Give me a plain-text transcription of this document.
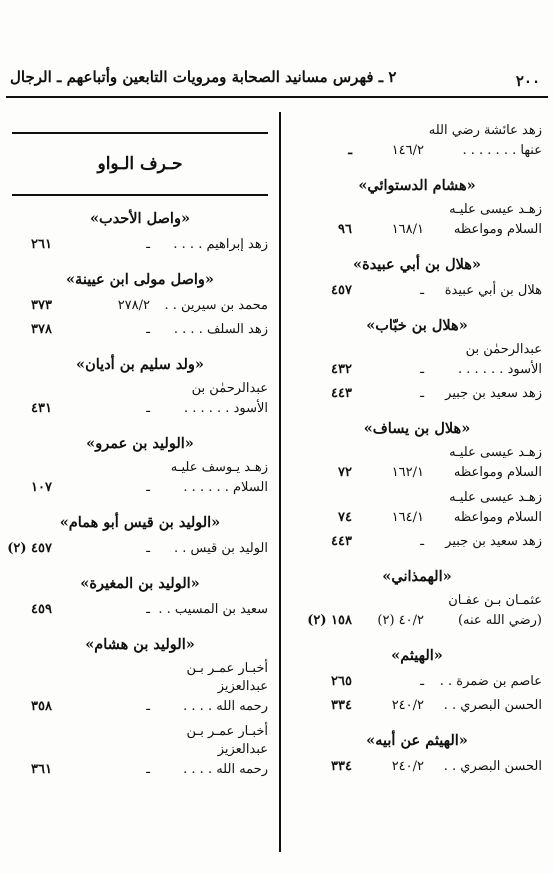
٢٠٠
٢ ـ فهرس مسانيد الصحابة ومرويات التابعين وأتباعهم ـ الرجال
زهد عائشة رضي الله
عنها . . . . . . .
١٤٦/٢
ـ
«هشام الدستوائي»
زهـد عيسى عليـه
السلام ومواعظه
١٦٨/١
٩٦
«هلال بن أبي عبيدة»
هلال بن أبي عبيدة
ـ
٤٥٧
«هلال بن خبّاب»
عبدالرحمٰن بن
الأسود . . . . . .
ـ
٤٣٢
زهد سعيد بن جبير
ـ
٤٤٣
«هلال بن يساف»
زهـد عيسى عليـه
السلام ومواعظه
١٦٢/١
٧٢
زهـد عيسى عليـه
السلام ومواعظه
١٦٤/١
٧٤
زهد سعيد بن جبير
ـ
٤٤٣
«الهمذاني»
عثمـان بـن عفـان
(رضي الله عنه)
٤٠/٢ (٢)
١٥٨ (٢)
«الهيثم»
عاصم بن ضمرة . .
ـ
٢٦٥
الحسن البصري . .
٢٤٠/٢
٣٣٤
«الهيثم عن أبيه»
الحسن البصري . .
٢٤٠/٢
٣٣٤
حـرف الـواو
«واصل الأحدب»
زهد إبراهيم . . . .
ـ
٢٦١
«واصل مولى ابن عيينة»
محمد بن سيرين . .
٢٧٨/٢
٣٧٣
زهد السلف . . . .
ـ
٣٧٨
«ولد سليم بن أديان»
عبدالرحمٰن بن
الأسود . . . . . .
ـ
٤٣١
«الوليد بن عمرو»
زهـد يـوسف عليـه
السلام . . . . . .
ـ
١٠٧
«الوليد بن قيس أبو همام»
الوليد بن قيس . .
ـ
٤٥٧ (٢)
«الوليد بن المغيرة»
سعيد بن المسيب . .
ـ
٤٥٩
«الوليد بن هشام»
أخبـار عمـر بـن
عبدالعزيز
رحمه الله . . . .
ـ
٣٥٨
أخبـار عمـر بـن
عبدالعزيز
رحمه الله . . . .
ـ
٣٦١
